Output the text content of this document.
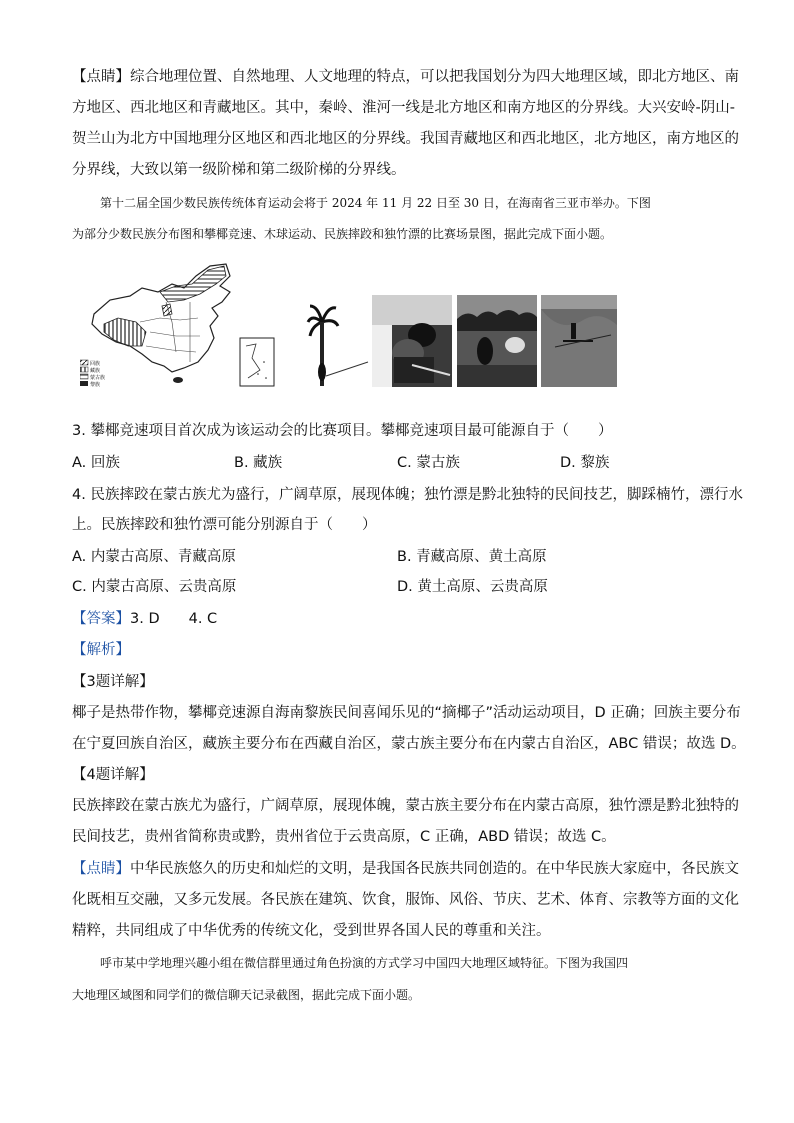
【点睛】综合地理位置、自然地理、人文地理的特点，可以把我国划分为四大地理区域，即北方地区、南
方地区、西北地区和青藏地区。其中，秦岭、淮河一线是北方地区和南方地区的分界线。大兴安岭-阴山-
贺兰山为北方中国地理分区地区和西北地区的分界线。我国青藏地区和西北地区，北方地区，南方地区的
分界线，大致以第一级阶梯和第二级阶梯的分界线。
第十二届全国少数民族传统体育运动会将于 2024 年 11 月 22 日至 30 日，在海南省三亚市举办。下图
为部分少数民族分布图和攀椰竞速、木球运动、民族摔跤和独竹漂的比赛场景图，据此完成下面小题。
回族
藏族
蒙古族
黎族
3. 攀椰竞速项目首次成为该运动会的比赛项目。攀椰竞速项目最可能源自于（　　）
A. 回族	B. 藏族	C. 蒙古族	D. 黎族
4. 民族摔跤在蒙古族尤为盛行，广阔草原，展现体魄；独竹漂是黔北独特的民间技艺，脚踩楠竹，漂行水
上。民族摔跤和独竹漂可能分别源自于（　　）
A. 内蒙古高原、青藏高原	B. 青藏高原、黄土高原
C. 内蒙古高原、云贵高原	D. 黄土高原、云贵高原
【答案】3. D　　4. C
【解析】
【3题详解】
椰子是热带作物，攀椰竞速源自海南黎族民间喜闻乐见的“摘椰子”活动运动项目，D 正确；回族主要分布
在宁夏回族自治区，藏族主要分布在西藏自治区，蒙古族主要分布在内蒙古自治区，ABC 错误；故选 D。
【4题详解】
民族摔跤在蒙古族尤为盛行，广阔草原，展现体魄，蒙古族主要分布在内蒙古高原，独竹漂是黔北独特的
民间技艺，贵州省简称贵或黔，贵州省位于云贵高原，C 正确，ABD 错误；故选 C。
【点睛】中华民族悠久的历史和灿烂的文明，是我国各民族共同创造的。在中华民族大家庭中，各民族文
化既相互交融，又多元发展。各民族在建筑、饮食，服饰、风俗、节庆、艺术、体育、宗教等方面的文化
精粹，共同组成了中华优秀的传统文化，受到世界各国人民的尊重和关注。
呼市某中学地理兴趣小组在微信群里通过角色扮演的方式学习中国四大地理区域特征。下图为我国四
大地理区域图和同学们的微信聊天记录截图，据此完成下面小题。
